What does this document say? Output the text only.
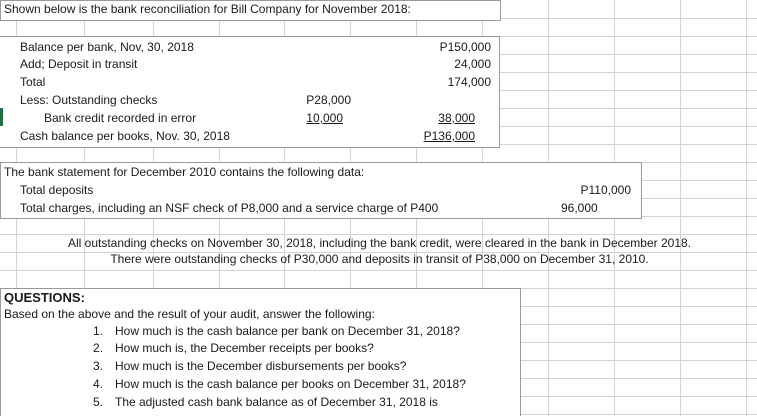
Shown below is the bank reconciliation for Bill Company for November 2018:
Balance per bank, Nov, 30, 2018	P150,000
Add; Deposit in transit	24,000
Total	174,000
Less: Outstanding checks	P28,000
Bank credit recorded in error	10,000	38,000
Cash balance per books, Nov. 30, 2018	P136,000
The bank statement for December 2010 contains the following data:
Total deposits	P110,000
Total charges, including an NSF check of P8,000 and a service charge of P400	96,000
All outstanding checks on November 30, 2018, including the bank credit, were cleared in the bank in December 2018.
There were outstanding checks of P30,000 and deposits in transit of P38,000 on December 31, 2010.
QUESTIONS:
Based on the above and the result of your audit, answer the following:
1. How much is the cash balance per bank on December 31, 2018?
2. How much is, the December receipts per books?
3. How much is the December disbursements per books?
4. How much is the cash balance per books on December 31, 2018?
5. The adjusted cash bank balance as of December 31, 2018 is
